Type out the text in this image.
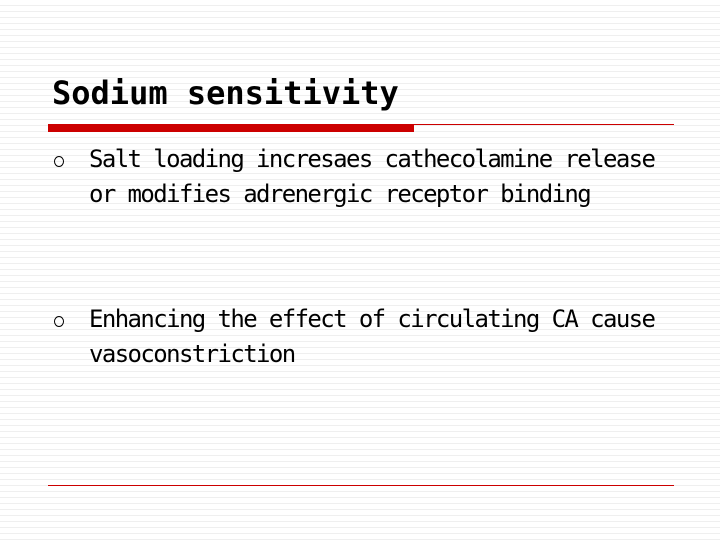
Sodium sensitivity
Salt loading incresaes cathecolamine release or modifies adrenergic receptor binding
Enhancing the effect of circulating CA cause vasoconstriction
